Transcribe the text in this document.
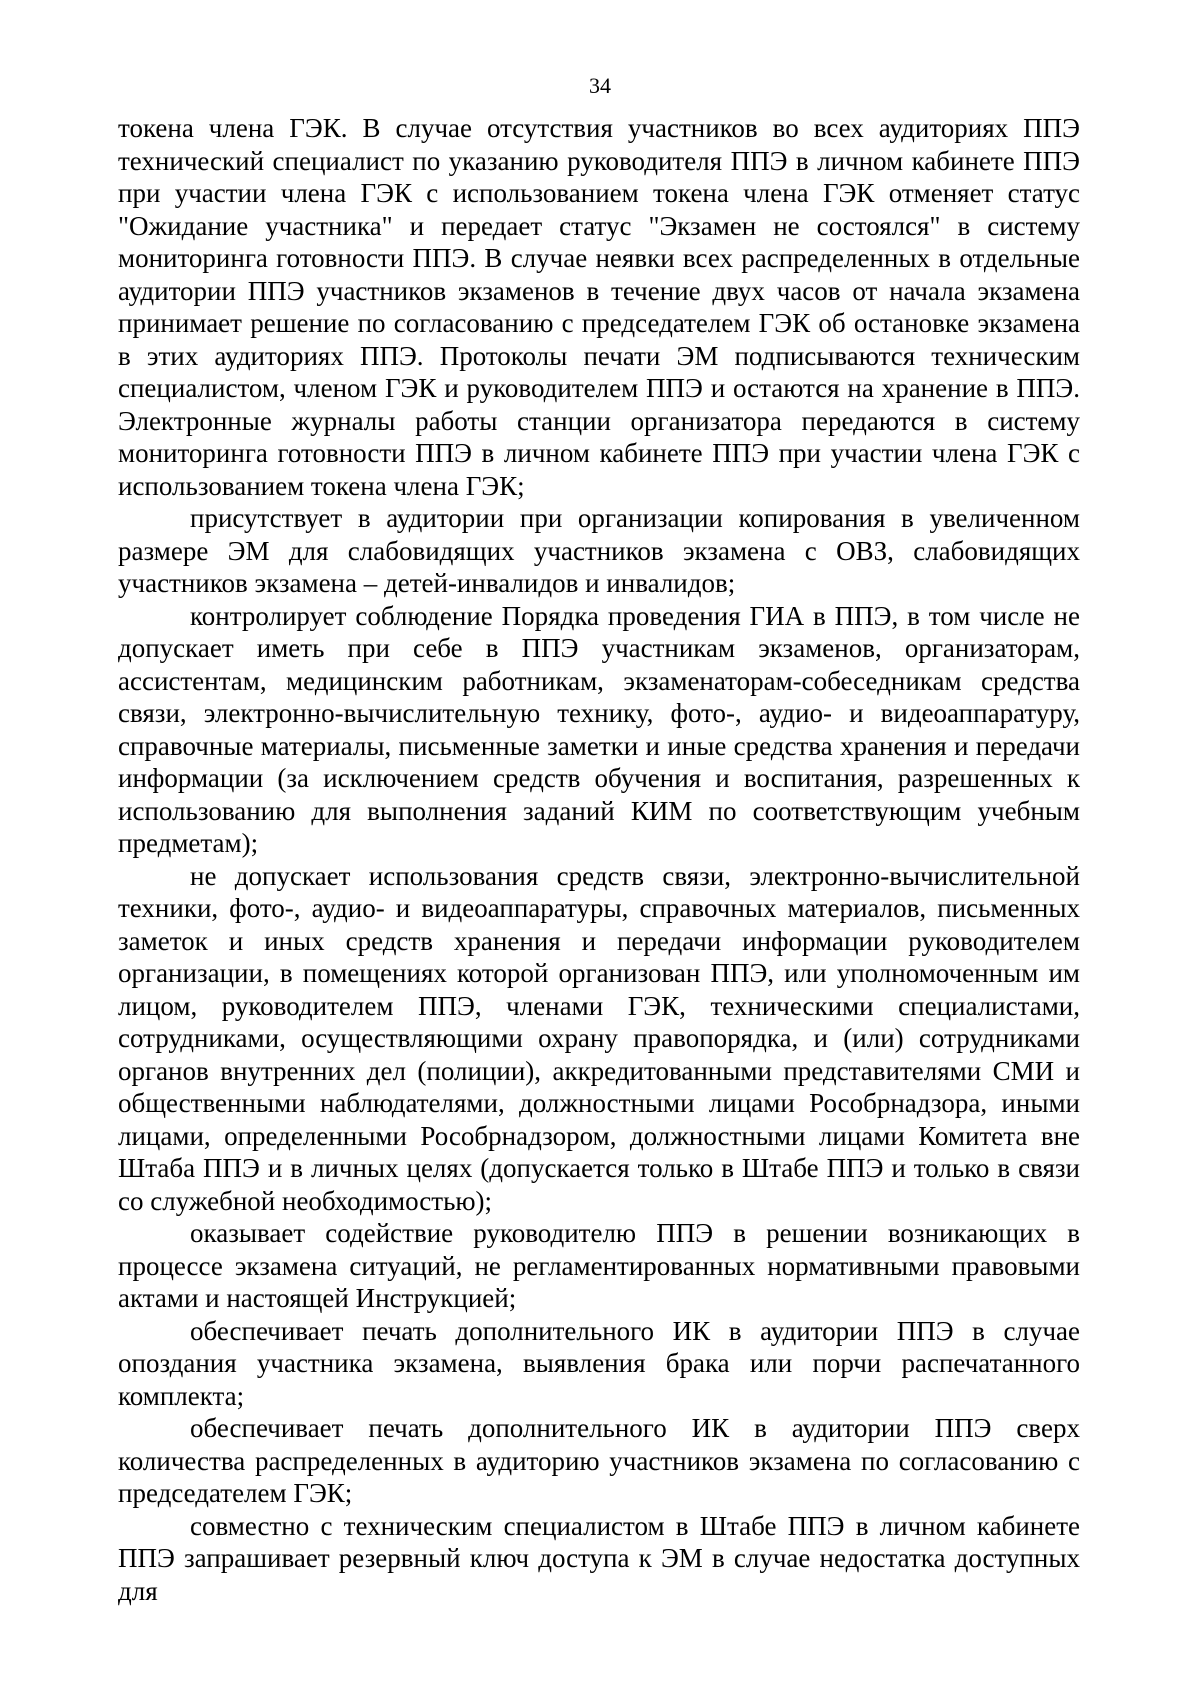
34

токена члена ГЭК. В случае отсутствия участников во всех аудиториях ППЭ технический специалист по указанию руководителя ППЭ в личном кабинете ППЭ при участии члена ГЭК с использованием токена члена ГЭК отменяет статус "Ожидание участника" и передает статус "Экзамен не состоялся" в систему мониторинга готовности ППЭ. В случае неявки всех распределенных в отдельные аудитории ППЭ участников экзаменов в течение двух часов от начала экзамена принимает решение по согласованию с председателем ГЭК об остановке экзамена в этих аудиториях ППЭ. Протоколы печати ЭМ подписываются техническим специалистом, членом ГЭК и руководителем ППЭ и остаются на хранение в ППЭ. Электронные журналы работы станции организатора передаются в систему мониторинга готовности ППЭ в личном кабинете ППЭ при участии члена ГЭК с использованием токена члена ГЭК;

присутствует в аудитории при организации копирования в увеличенном размере ЭМ для слабовидящих участников экзамена с ОВЗ, слабовидящих участников экзамена – детей-инвалидов и инвалидов;

контролирует соблюдение Порядка проведения ГИА в ППЭ, в том числе не допускает иметь при себе в ППЭ участникам экзаменов, организаторам, ассистентам, медицинским работникам, экзаменаторам-собеседникам средства связи, электронно-вычислительную технику, фото-, аудио- и видеоаппаратуру, справочные материалы, письменные заметки и иные средства хранения и передачи информации (за исключением средств обучения и воспитания, разрешенных к использованию для выполнения заданий КИМ по соответствующим учебным предметам);

не допускает использования средств связи, электронно-вычислительной техники, фото-, аудио- и видеоаппаратуры, справочных материалов, письменных заметок и иных средств хранения и передачи информации руководителем организации, в помещениях которой организован ППЭ, или уполномоченным им лицом, руководителем ППЭ, членами ГЭК, техническими специалистами, сотрудниками, осуществляющими охрану правопорядка, и (или) сотрудниками органов внутренних дел (полиции), аккредитованными представителями СМИ и общественными наблюдателями, должностными лицами Рособрнадзора, иными лицами, определенными Рособрнадзором, должностными лицами Комитета вне Штаба ППЭ и в личных целях (допускается только в Штабе ППЭ и только в связи со служебной необходимостью);

оказывает содействие руководителю ППЭ в решении возникающих в процессе экзамена ситуаций, не регламентированных нормативными правовыми актами и настоящей Инструкцией;

обеспечивает печать дополнительного ИК в аудитории ППЭ в случае опоздания участника экзамена, выявления брака или порчи распечатанного комплекта;

обеспечивает печать дополнительного ИК в аудитории ППЭ сверх количества распределенных в аудиторию участников экзамена по согласованию с председателем ГЭК;

совместно с техническим специалистом в Штабе ППЭ в личном кабинете ППЭ запрашивает резервный ключ доступа к ЭМ в случае недостатка доступных для
